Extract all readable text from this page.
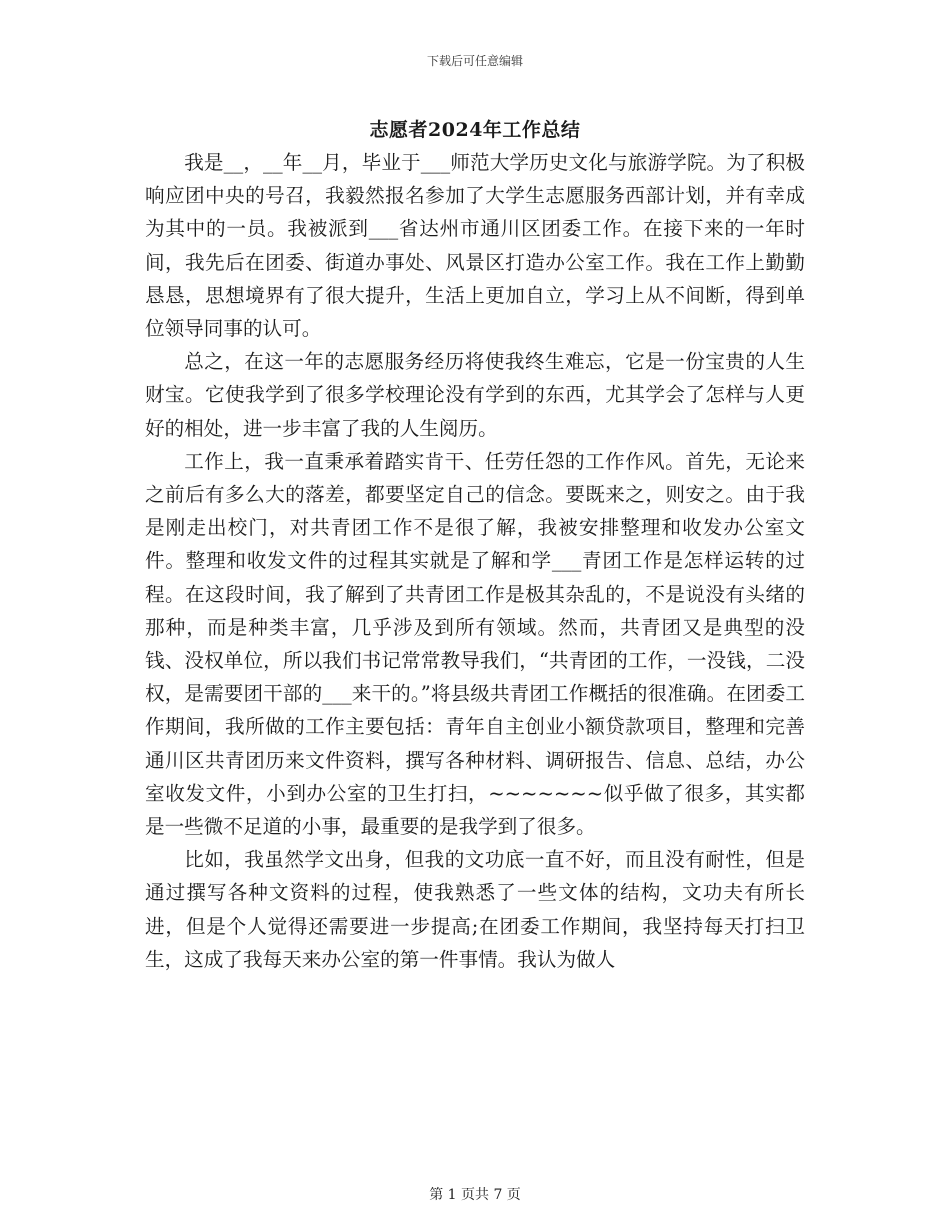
下载后可任意编辑
志愿者2024年工作总结

我是__，__年__月，毕业于___师范大学历史文化与旅游学院。为了积极响应团中央的号召，我毅然报名参加了大学生志愿服务西部计划，并有幸成为其中的一员。我被派到___省达州市通川区团委工作。在接下来的一年时间，我先后在团委、街道办事处、风景区打造办公室工作。我在工作上勤勤恳恳，思想境界有了很大提升，生活上更加自立，学习上从不间断，得到单位领导同事的认可。

总之，在这一年的志愿服务经历将使我终生难忘，它是一份宝贵的人生财宝。它使我学到了很多学校理论没有学到的东西，尤其学会了怎样与人更好的相处，进一步丰富了我的人生阅历。

工作上，我一直秉承着踏实肯干、任劳任怨的工作作风。首先，无论来之前后有多么大的落差，都要坚定自己的信念。要既来之，则安之。由于我是刚走出校门，对共青团工作不是很了解，我被安排整理和收发办公室文件。整理和收发文件的过程其实就是了解和学___青团工作是怎样运转的过程。在这段时间，我了解到了共青团工作是极其杂乱的，不是说没有头绪的那种，而是种类丰富，几乎涉及到所有领域。然而，共青团又是典型的没钱、没权单位，所以我们书记常常教导我们，“共青团的工作，一没钱，二没权，是需要团干部的___来干的。”将县级共青团工作概括的很准确。在团委工作期间，我所做的工作主要包括：青年自主创业小额贷款项目，整理和完善通川区共青团历来文件资料，撰写各种材料、调研报告、信息、总结，办公室收发文件，小到办公室的卫生打扫，~~~~~~~似乎做了很多，其实都是一些微不足道的小事，最重要的是我学到了很多。

比如，我虽然学文出身，但我的文功底一直不好，而且没有耐性，但是通过撰写各种文资料的过程，使我熟悉了一些文体的结构，文功夫有所长进，但是个人觉得还需要进一步提高;在团委工作期间，我坚持每天打扫卫生，这成了我每天来办公室的第一件事情。我认为做人

第 1 页共 7 页
